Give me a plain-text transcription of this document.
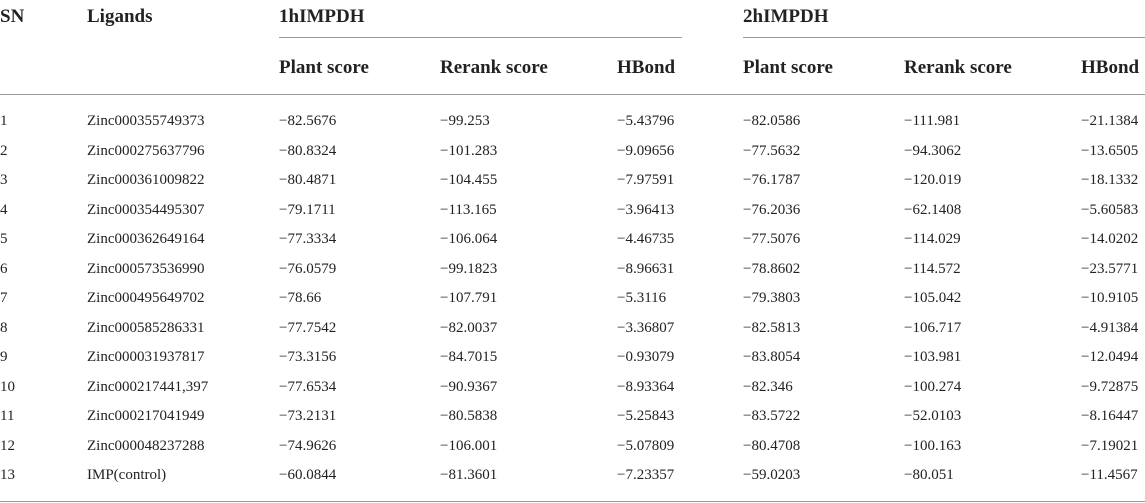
SN	Ligands	1hIMPDH	2hIMPDH
Plant score	Rerank score	HBond	Plant score	Rerank score	HBond
1	Zinc000355749373	−82.5676	−99.253	−5.43796	−82.0586	−111.981	−21.1384
2	Zinc000275637796	−80.8324	−101.283	−9.09656	−77.5632	−94.3062	−13.6505
3	Zinc000361009822	−80.4871	−104.455	−7.97591	−76.1787	−120.019	−18.1332
4	Zinc000354495307	−79.1711	−113.165	−3.96413	−76.2036	−62.1408	−5.60583
5	Zinc000362649164	−77.3334	−106.064	−4.46735	−77.5076	−114.029	−14.0202
6	Zinc000573536990	−76.0579	−99.1823	−8.96631	−78.8602	−114.572	−23.5771
7	Zinc000495649702	−78.66	−107.791	−5.3116	−79.3803	−105.042	−10.9105
8	Zinc000585286331	−77.7542	−82.0037	−3.36807	−82.5813	−106.717	−4.91384
9	Zinc000031937817	−73.3156	−84.7015	−0.93079	−83.8054	−103.981	−12.0494
10	Zinc000217441,397	−77.6534	−90.9367	−8.93364	−82.346	−100.274	−9.72875
11	Zinc000217041949	−73.2131	−80.5838	−5.25843	−83.5722	−52.0103	−8.16447
12	Zinc000048237288	−74.9626	−106.001	−5.07809	−80.4708	−100.163	−7.19021
13	IMP(control)	−60.0844	−81.3601	−7.23357	−59.0203	−80.051	−11.4567
